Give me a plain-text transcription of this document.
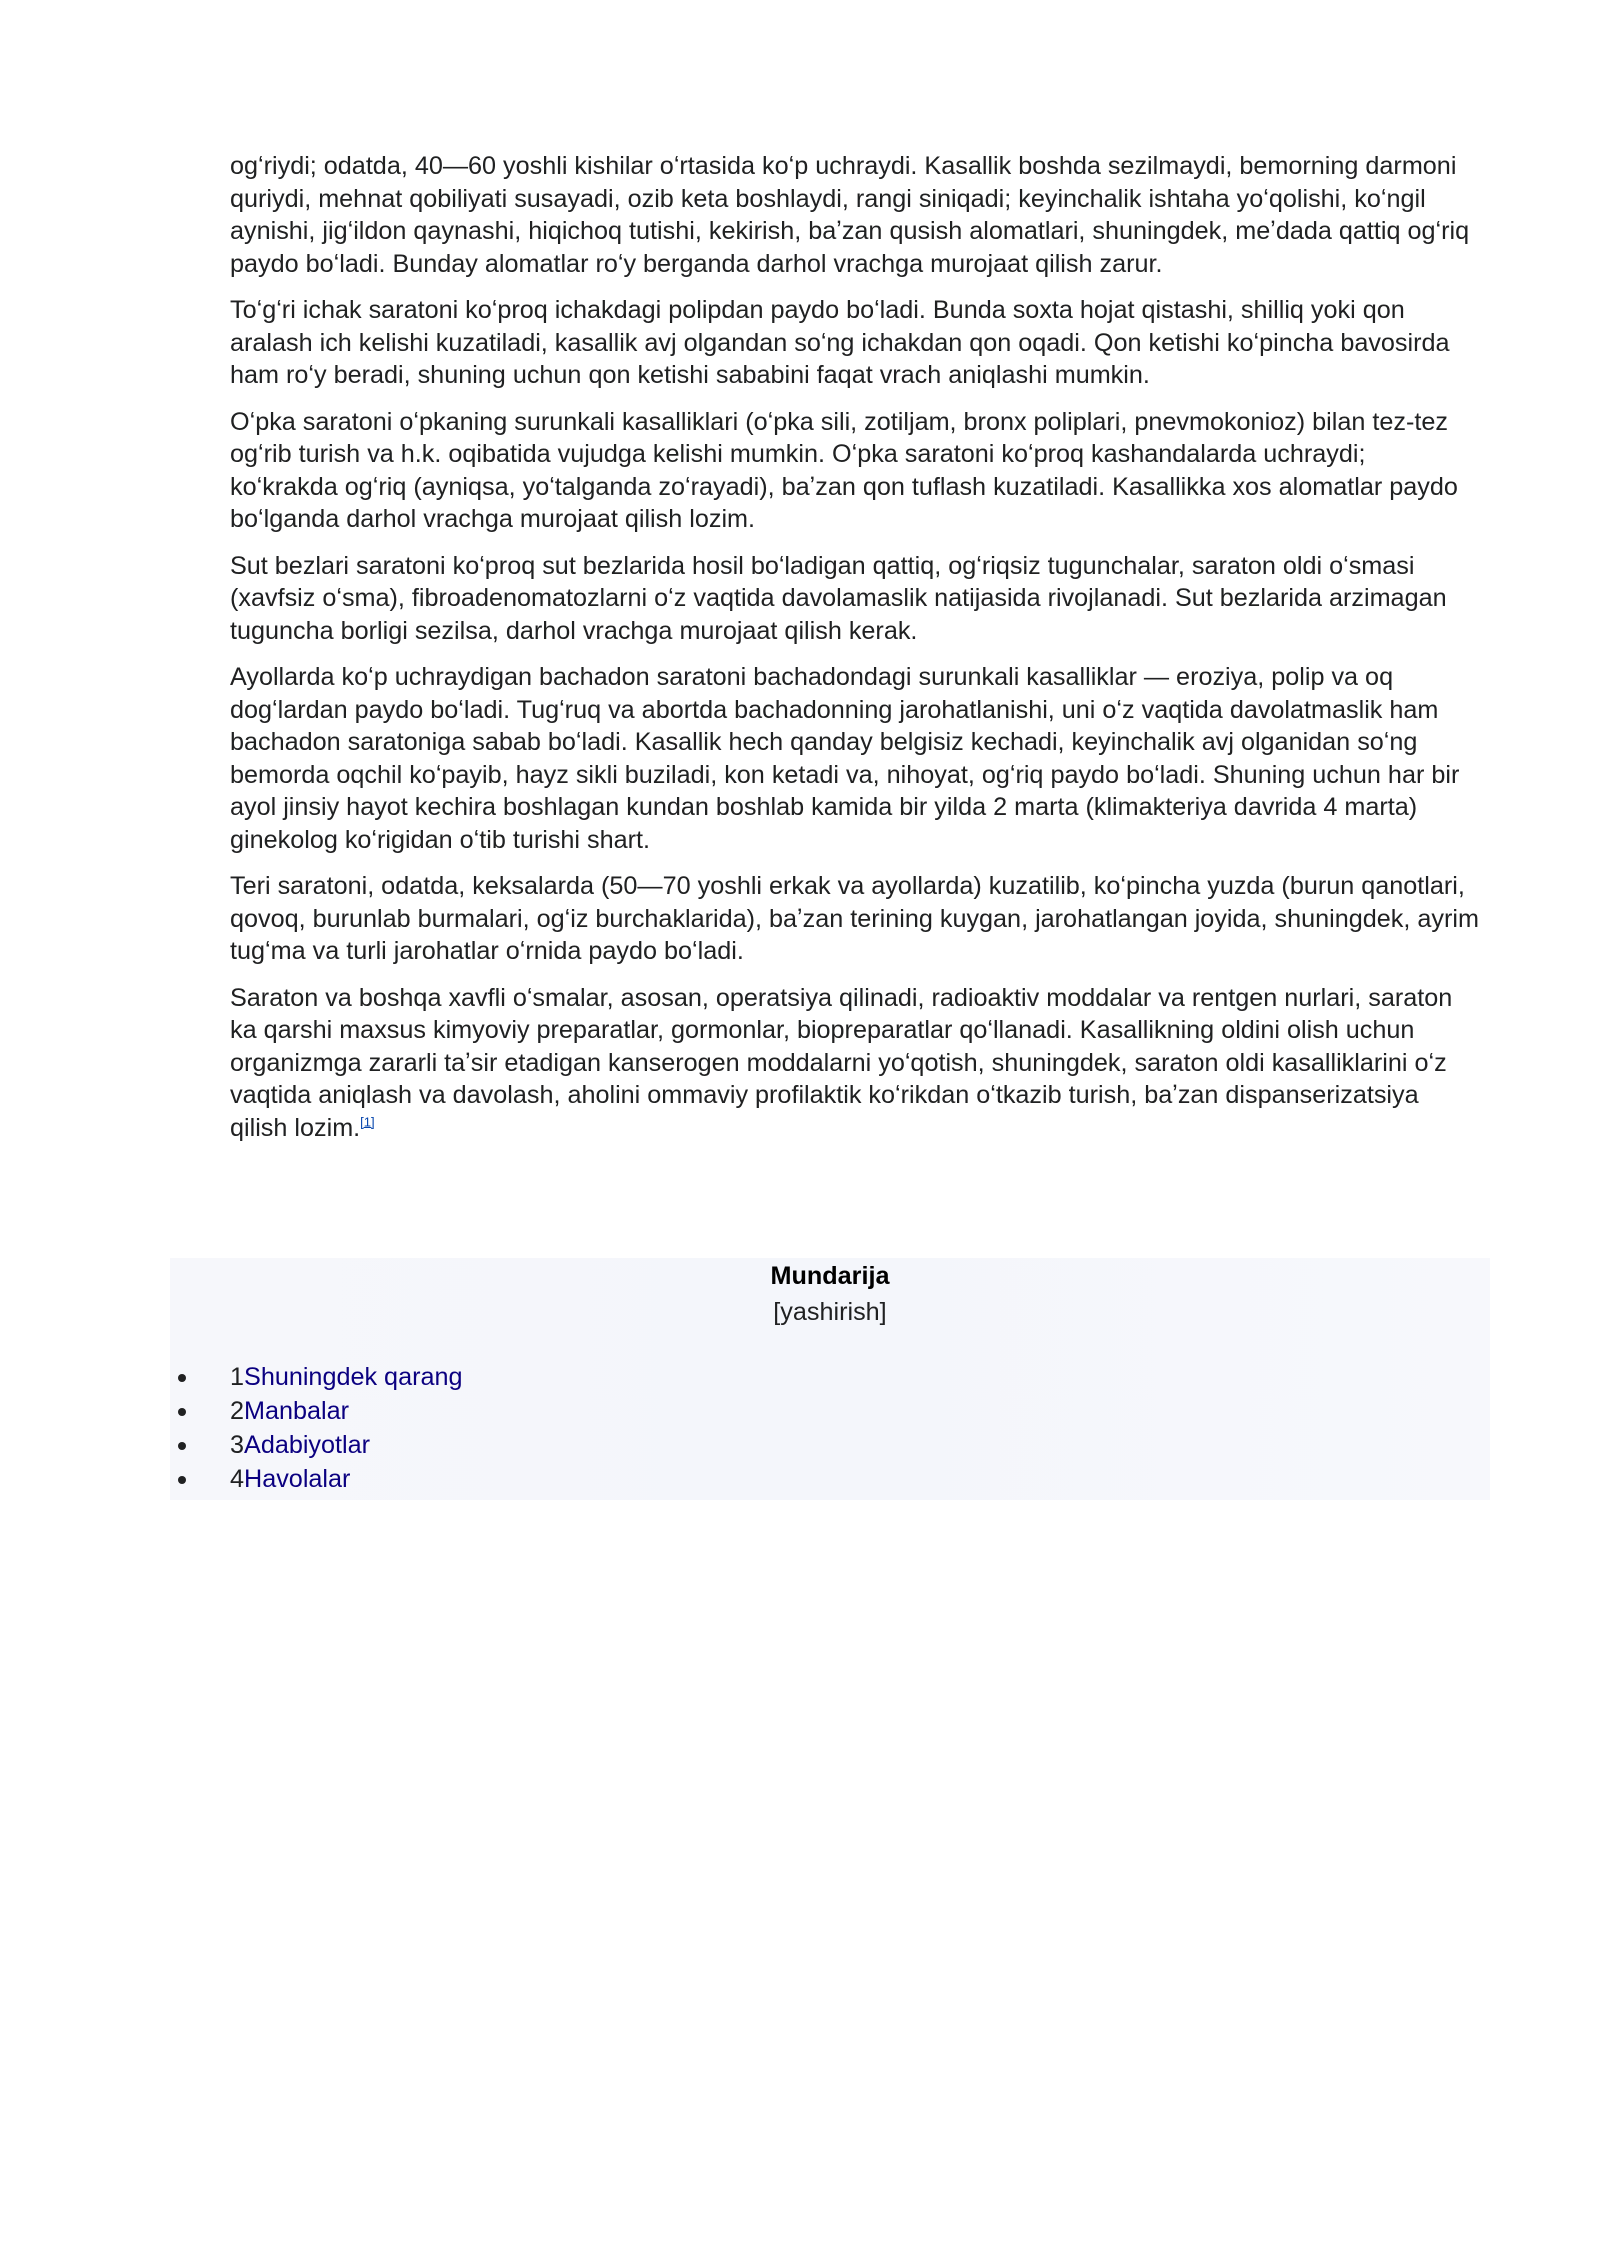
ogʻriydi; odatda, 40—60 yoshli kishilar oʻrtasida koʻp uchraydi. Kasallik boshda sezilmaydi, bemorning darmoni quriydi, mehnat qobiliyati susayadi, ozib keta boshlaydi, rangi siniqadi; keyinchalik ishtaha yoʻqolishi, koʻngil aynishi, jigʻildon qaynashi, hiqichoq tutishi, kekirish, baʼzan qusish alomatlari, shuningdek, meʼdada qattiq ogʻriq paydo boʻladi. Bunday alomatlar roʻy berganda darhol vrachga murojaat qilish zarur.

Toʻgʻri ichak saratoni koʻproq ichakdagi polipdan paydo boʻladi. Bunda soxta hojat qistashi, shilliq yoki qon aralash ich kelishi kuzatiladi, kasallik avj olgandan soʻng ichakdan qon oqadi. Qon ketishi koʻpincha bavosirda ham roʻy beradi, shuning uchun qon ketishi sababini faqat vrach aniqlashi mumkin.

Oʻpka saratoni oʻpkaning surunkali kasalliklari (oʻpka sili, zotiljam, bronx poliplari, pnevmokonioz) bilan tez-tez ogʻrib turish va h.k. oqibatida vujudga kelishi mumkin. Oʻpka saratoni koʻproq kashandalarda uchraydi; koʻkrakda ogʻriq (ayniqsa, yoʻtalganda zoʻrayadi), baʼzan qon tuflash kuzatiladi. Kasallikka xos alomatlar paydo boʻlganda darhol vrachga murojaat qilish lozim.

Sut bezlari saratoni koʻproq sut bezlarida hosil boʻladigan qattiq, ogʻriqsiz tugunchalar, saraton oldi oʻsmasi (xavfsiz oʻsma), fibroadenomatozlarni oʻz vaqtida davolamaslik natijasida rivojlanadi. Sut bezlarida arzimagan tuguncha borligi sezilsa, darhol vrachga murojaat qilish kerak.

Ayollarda koʻp uchraydigan bachadon saratoni bachadondagi surunkali kasalliklar — eroziya, polip va oq dogʻlardan paydo boʻladi. Tugʻruq va abortda bachadonning jarohatlanishi, uni oʻz vaqtida davolatmaslik ham bachadon saratoniga sabab boʻladi. Kasallik hech qanday belgisiz kechadi, keyinchalik avj olganidan soʻng bemorda oqchil koʻpayib, hayz sikli buziladi, kon ketadi va, nihoyat, ogʻriq paydo boʻladi. Shuning uchun har bir ayol jinsiy hayot kechira boshlagan kundan boshlab kamida bir yilda 2 marta (klimakteriya davrida 4 marta) ginekolog koʻrigidan oʻtib turishi shart.

Teri saratoni, odatda, keksalarda (50—70 yoshli erkak va ayollarda) kuzatilib, koʻpincha yuzda (burun qanotlari, qovoq, burunlab burmalari, ogʻiz burchaklarida), baʼzan terining kuygan, jarohatlangan joyida, shuningdek, ayrim tugʻma va turli jarohatlar oʻrnida paydo boʻladi.

Saraton va boshqa xavfli oʻsmalar, asosan, operatsiya qilinadi, radioaktiv moddalar va rentgen nurlari, saraton ka qarshi maxsus kimyoviy preparatlar, gormonlar, biopreparatlar qoʻllanadi. Kasallikning oldini olish uchun organizmga zararli taʼsir etadigan kanserogen moddalarni yoʻqotish, shuningdek, saraton oldi kasalliklarini oʻz vaqtida aniqlash va davolash, aholini ommaviy profilaktik koʻrikdan oʻtkazib turish, baʼzan dispanserizatsiya qilish lozim.[1]

Mundarija
[yashirish]
1Shuningdek qarang
2Manbalar
3Adabiyotlar
4Havolalar
